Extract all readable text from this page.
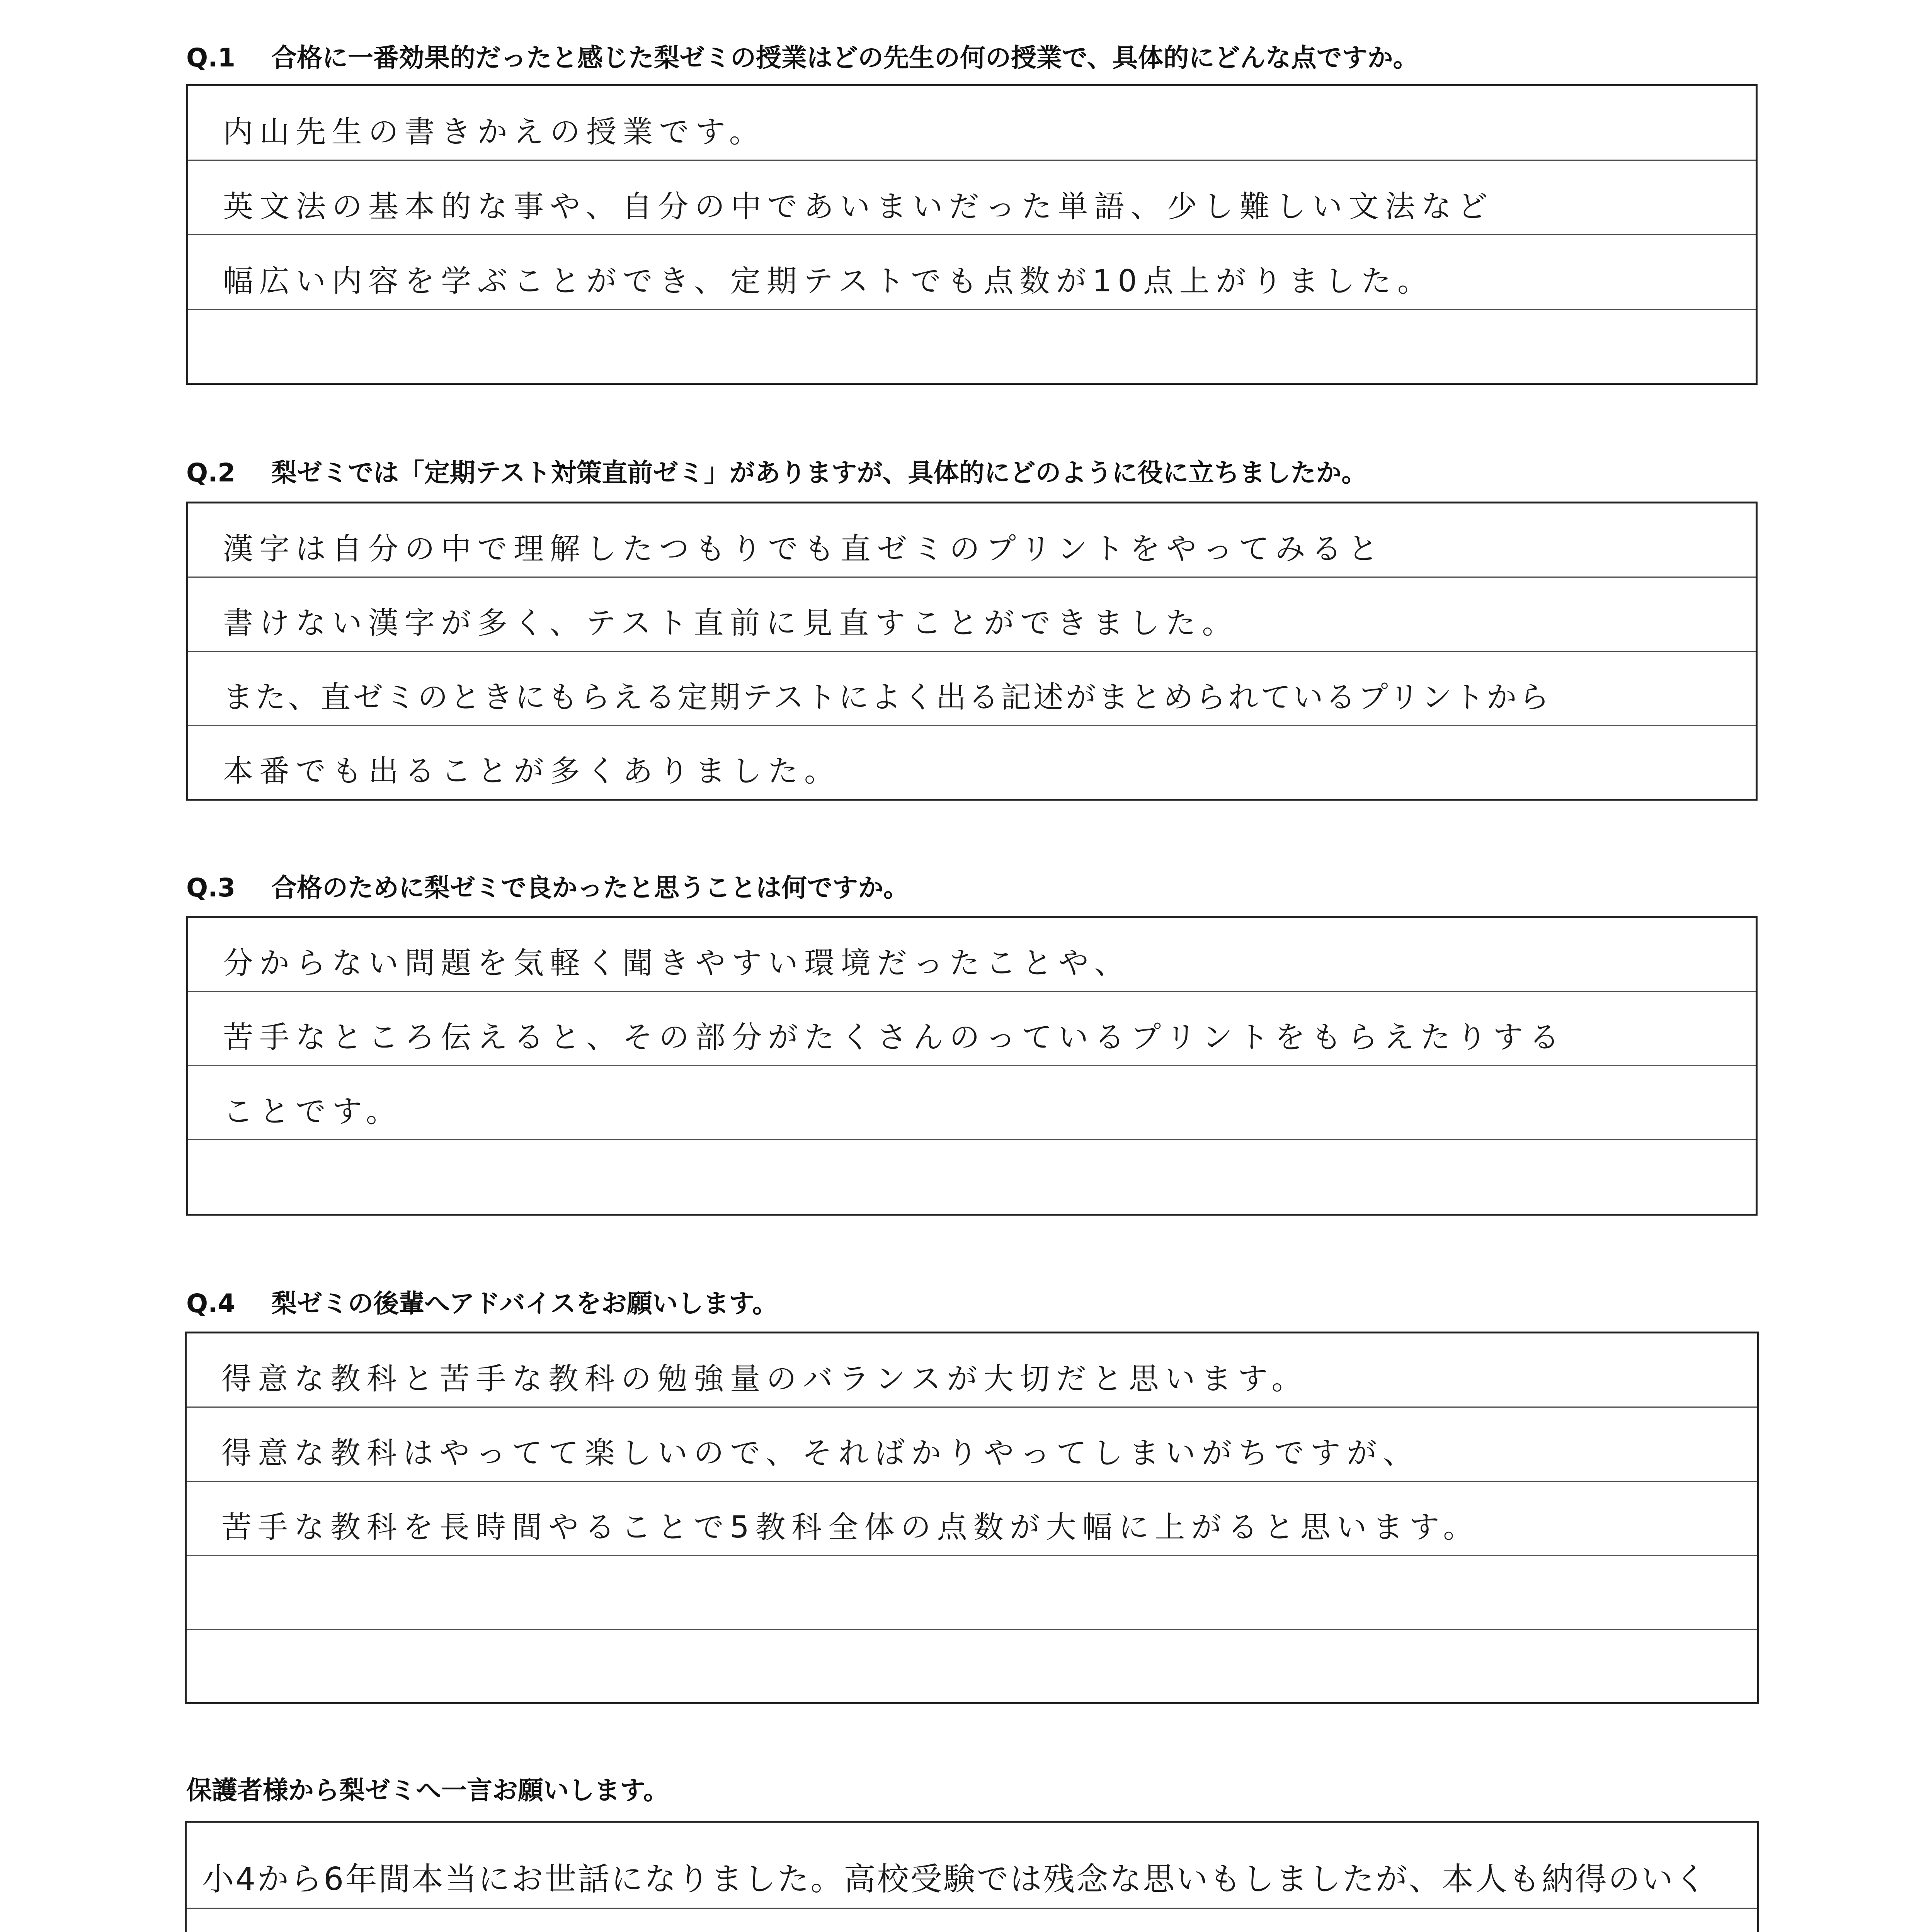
Q.1 合格に一番効果的だったと感じた梨ゼミの授業はどの先生の何の授業で、具体的にどんな点ですか。
内山先生の書きかえの授業です。
英文法の基本的な事や、自分の中であいまいだった単語、少し難しい文法など
幅広い内容を学ぶことができ、定期テストでも点数が10点上がりました。
Q.2 梨ゼミでは「定期テスト対策直前ゼミ」がありますが、具体的にどのように役に立ちましたか。
漢字は自分の中で理解したつもりでも直ゼミのプリントをやってみると
書けない漢字が多く、テスト直前に見直すことができました。
また、直ゼミのときにもらえる定期テストによく出る記述がまとめられているプリントから
本番でも出ることが多くありました。
Q.3 合格のために梨ゼミで良かったと思うことは何ですか。
分からない問題を気軽く聞きやすい環境だったことや、
苦手なところ伝えると、その部分がたくさんのっているプリントをもらえたりする
ことです。
Q.4 梨ゼミの後輩へアドバイスをお願いします。
得意な教科と苦手な教科の勉強量のバランスが大切だと思います。
得意な教科はやってて楽しいので、そればかりやってしまいがちですが、
苦手な教科を長時間やることで5教科全体の点数が大幅に上がると思います。
保護者様から梨ゼミへ一言お願いします。
小4から6年間本当にお世話になりました。高校受験では残念な思いもしましたが、本人も納得のいく
